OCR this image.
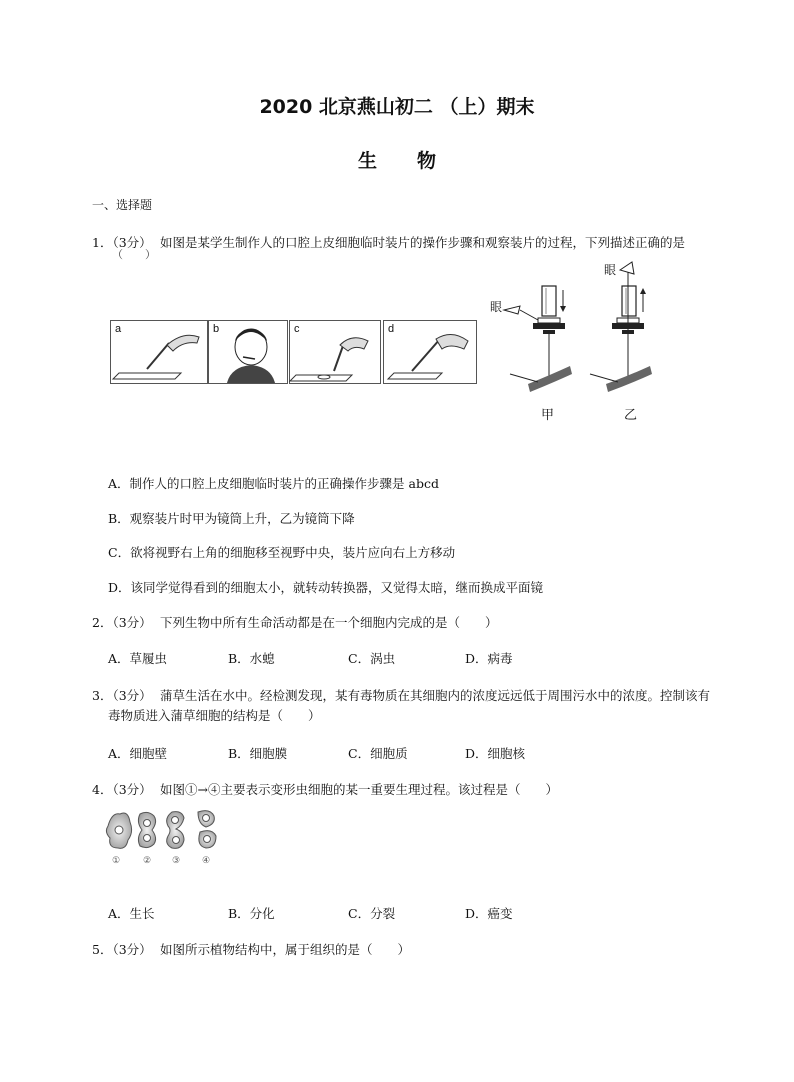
2020 北京燕山初二 （上）期末
生物
一、选择题
1．（3分） 如图是某学生制作人的口腔上皮细胞临时装片的操作步骤和观察装片的过程，下列描述正确的是
（　　）
a	b	c	d
眼
眼
甲	乙
A．制作人的口腔上皮细胞临时装片的正确操作步骤是 abcd
B．观察装片时甲为镜筒上升，乙为镜筒下降
C．欲将视野右上角的细胞移至视野中央，装片应向右上方移动
D．该同学觉得看到的细胞太小，就转动转换器，又觉得太暗，继而换成平面镜
2．（3分） 下列生物中所有生命活动都是在一个细胞内完成的是（　　）
A．草履虫	B．水螅	C．涡虫	D．病毒
3．（3分） 蒲草生活在水中。经检测发现，某有毒物质在其细胞内的浓度远远低于周围污水中的浓度。控制该有
毒物质进入蒲草细胞的结构是（　　）
A．细胞壁	B．细胞膜	C．细胞质	D．细胞核
4．（3分） 如图①→④主要表示变形虫细胞的某一重要生理过程。该过程是（　　）
①	② ③ ④
A．生长	B．分化	C．分裂	D．癌变
5．（3分） 如图所示植物结构中，属于组织的是（　　）
